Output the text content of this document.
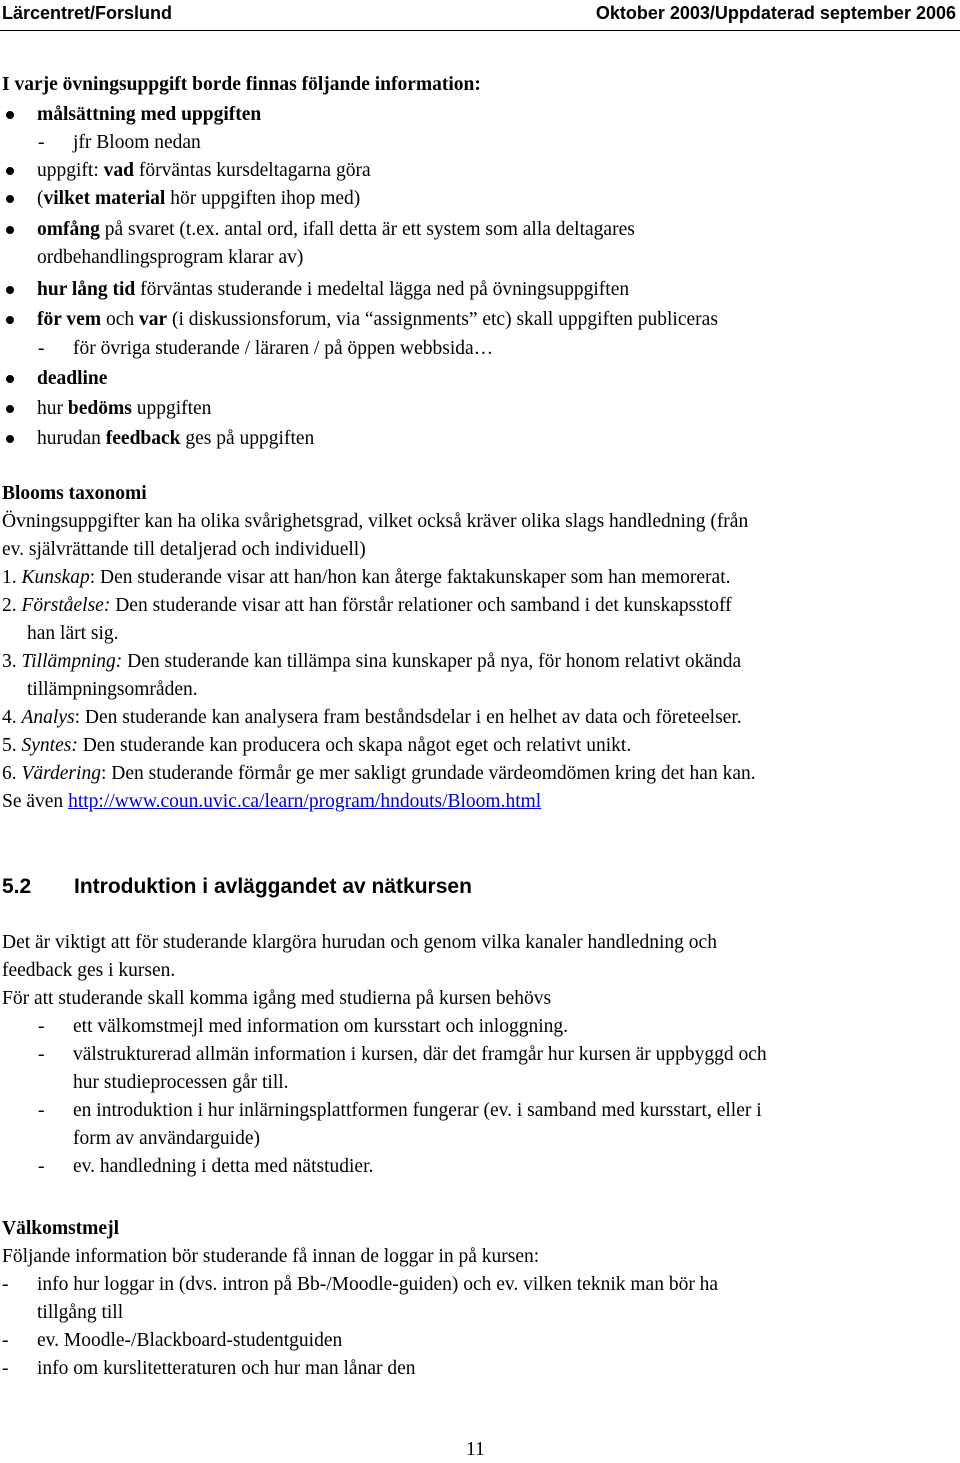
Lärcentret/Forslund	Oktober 2003/Uppdaterad september 2006
I varje övningsuppgift borde finnas följande information:
målsättning med uppgiften
- jfr Bloom nedan
uppgift: vad förväntas kursdeltagarna göra
(vilket material hör uppgiften ihop med)
omfång på svaret (t.ex. antal ord, ifall detta är ett system som alla deltagares
ordbehandlingsprogram klarar av)
hur lång tid förväntas studerande i medeltal lägga ned på övningsuppgiften
för vem och var (i diskussionsforum, via “assignments” etc) skall uppgiften publiceras
- för övriga studerande / läraren / på öppen webbsida…
deadline
hur bedöms uppgiften
hurudan feedback ges på uppgiften
Blooms taxonomi
Övningsuppgifter kan ha olika svårighetsgrad, vilket också kräver olika slags handledning (från
ev. självrättande till detaljerad och individuell)
1. Kunskap: Den studerande visar att han/hon kan återge faktakunskaper som han memorerat.
2. Förståelse: Den studerande visar att han förstår relationer och samband i det kunskapsstoff
han lärt sig.
3. Tillämpning: Den studerande kan tillämpa sina kunskaper på nya, för honom relativt okända
tillämpningsområden.
4. Analys: Den studerande kan analysera fram beståndsdelar i en helhet av data och företeelser.
5. Syntes: Den studerande kan producera och skapa något eget och relativt unikt.
6. Värdering: Den studerande förmår ge mer sakligt grundade värdeomdömen kring det han kan.
Se även http://www.coun.uvic.ca/learn/program/hndouts/Bloom.html
5.2 Introduktion i avläggandet av nätkursen
Det är viktigt att för studerande klargöra hurudan och genom vilka kanaler handledning och
feedback ges i kursen.
För att studerande skall komma igång med studierna på kursen behövs
- ett välkomstmejl med information om kursstart och inloggning.
- välstrukturerad allmän information i kursen, där det framgår hur kursen är uppbyggd och
hur studieprocessen går till.
- en introduktion i hur inlärningsplattformen fungerar (ev. i samband med kursstart, eller i
form av användarguide)
- ev. handledning i detta med nätstudier.
Välkomstmejl
Följande information bör studerande få innan de loggar in på kursen:
- info hur loggar in (dvs. intron på Bb-/Moodle-guiden) och ev. vilken teknik man bör ha
tillgång till
- ev. Moodle-/Blackboard-studentguiden
- info om kurslitetteraturen och hur man lånar den
11
